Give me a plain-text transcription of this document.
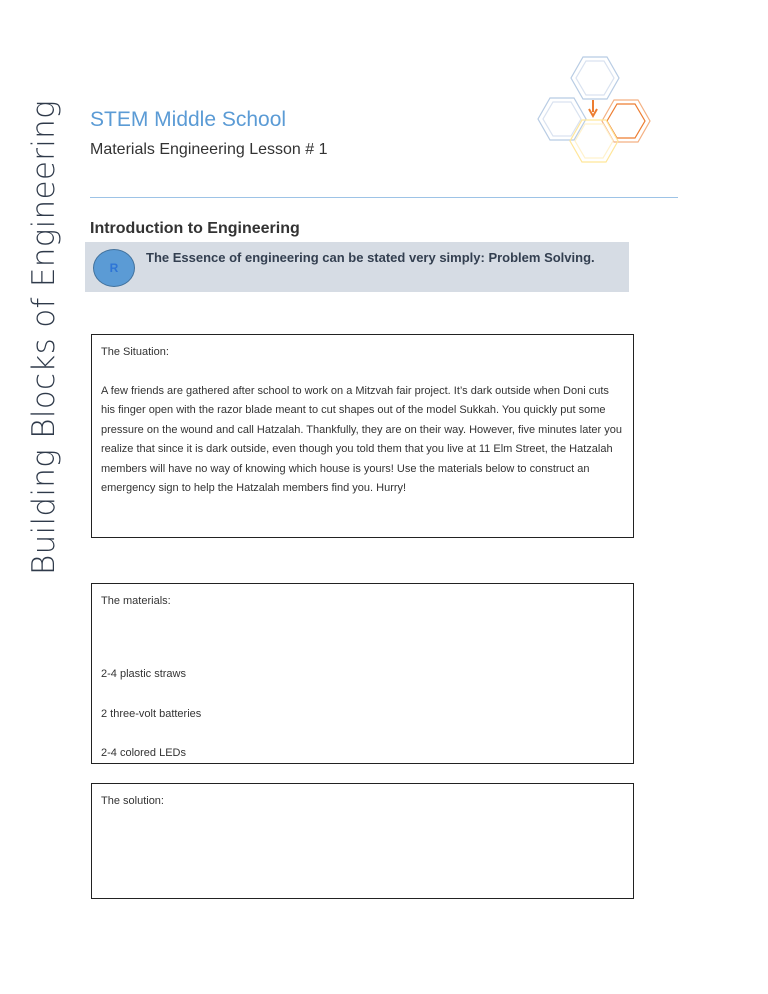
Building Blocks of Engineering STEM Middle School
Materials Engineering Lesson # 1
Introduction to Engineering
R
The Essence of engineering can be stated very simply: Problem Solving.

The Situation:

A few friends are gathered after school to work on a Mitzvah fair project. It’s dark outside when Doni cuts his finger open with the razor blade meant to cut shapes out of the model Sukkah. You quickly put some pressure on the wound and call Hatzalah. Thankfully, they are on their way. However, five minutes later you realize that since it is dark outside, even though you told them that you live at 11 Elm Street, the Hatzalah members will have no way of knowing which house is yours! Use the materials below to construct an emergency sign to help the Hatzalah members find you. Hurry!

The materials:

2-4 plastic straws

2 three-volt batteries

2-4 colored LEDs

The solution:
